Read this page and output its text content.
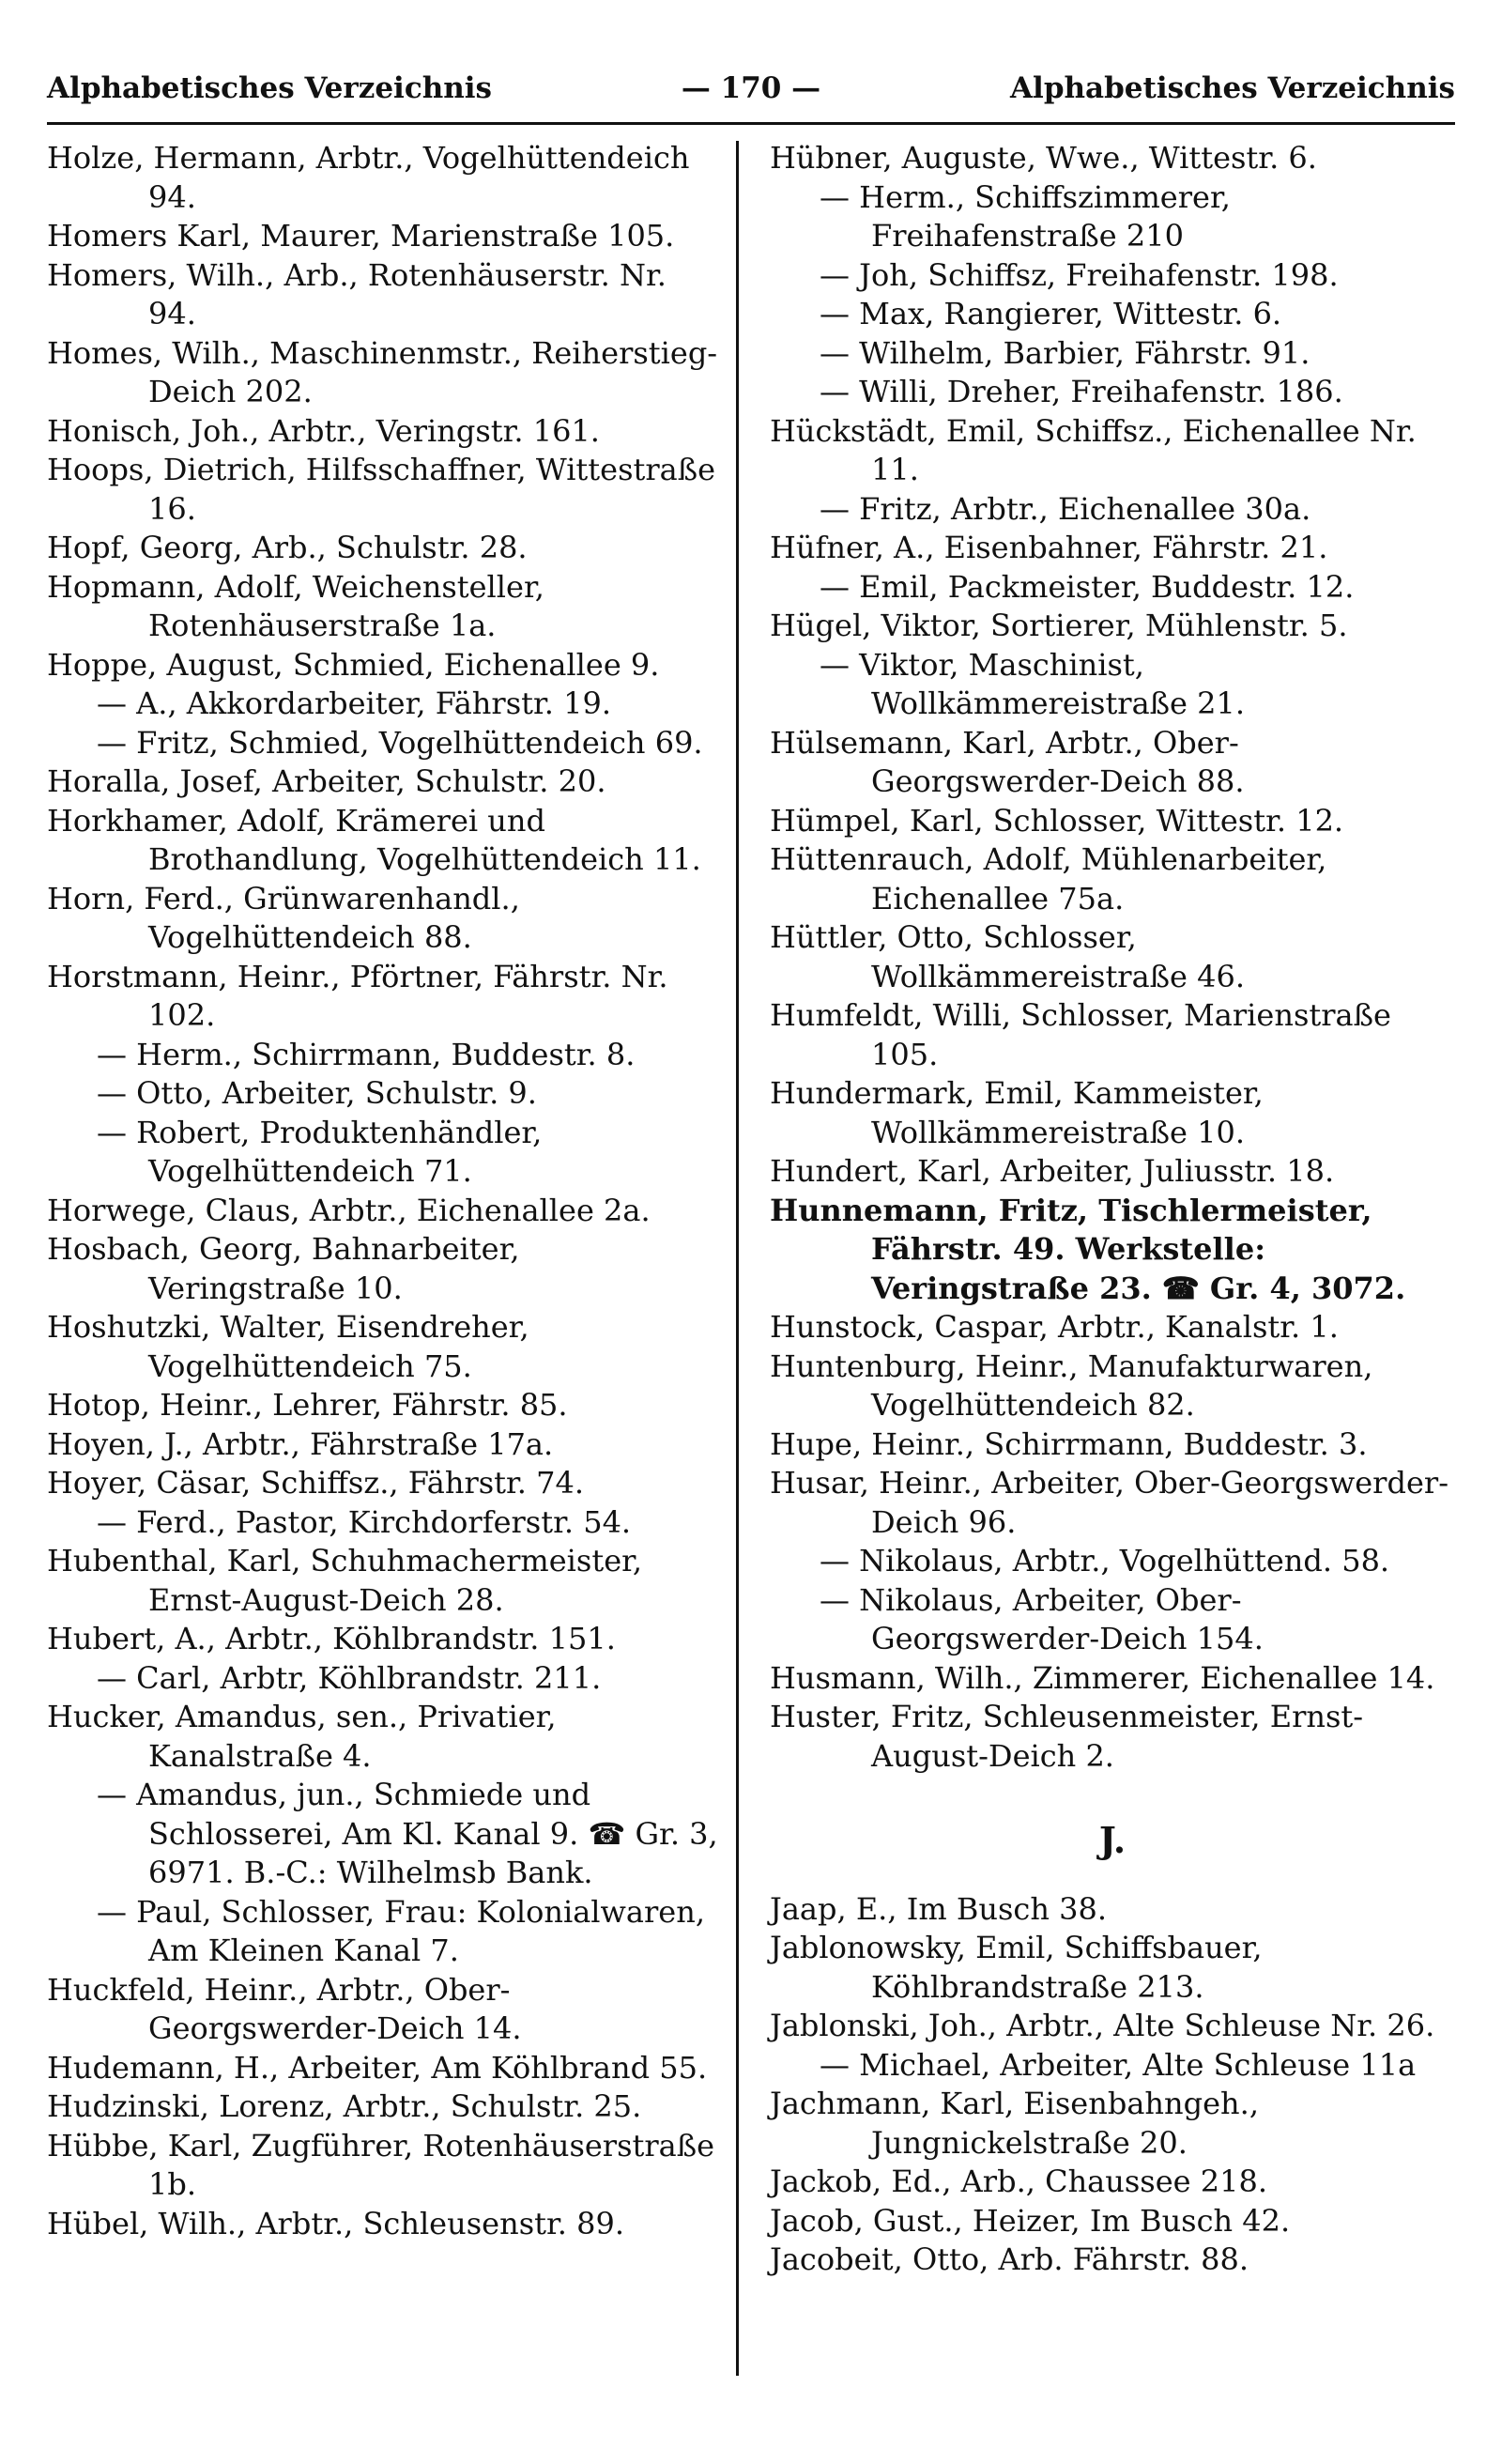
Alphabetisches Verzeichnis	— 170 —	Alphabetisches Verzeichnis
Holze, Hermann, Arbtr., Vogelhüttendeich 94.
Homers Karl, Maurer, Marienstraße 105.
Homers, Wilh., Arb., Rotenhäuserstr. Nr. 94.
Homes, Wilh., Maschinenmstr., Reiherstieg-Deich 202.
Honisch, Joh., Arbtr., Veringstr. 161.
Hoops, Dietrich, Hilfsschaffner, Wittestraße 16.
Hopf, Georg, Arb., Schulstr. 28.
Hopmann, Adolf, Weichensteller, Rotenhäuserstraße 1a.
Hoppe, August, Schmied, Eichenallee 9.
— A., Akkordarbeiter, Fährstr. 19.
— Fritz, Schmied, Vogelhüttendeich 69.
Horalla, Josef, Arbeiter, Schulstr. 20.
Horkhamer, Adolf, Krämerei und Brothandlung, Vogelhüttendeich 11.
Horn, Ferd., Grünwarenhandl., Vogelhüttendeich 88.
Horstmann, Heinr., Pförtner, Fährstr. Nr. 102.
— Herm., Schirrmann, Buddestr. 8.
— Otto, Arbeiter, Schulstr. 9.
— Robert, Produktenhändler, Vogelhüttendeich 71.
Horwege, Claus, Arbtr., Eichenallee 2a.
Hosbach, Georg, Bahnarbeiter, Veringstraße 10.
Hoshutzki, Walter, Eisendreher, Vogelhüttendeich 75.
Hotop, Heinr., Lehrer, Fährstr. 85.
Hoyen, J., Arbtr., Fährstraße 17a.
Hoyer, Cäsar, Schiffsz., Fährstr. 74.
— Ferd., Pastor, Kirchdorferstr. 54.
Hubenthal, Karl, Schuhmachermeister, Ernst-August-Deich 28.
Hubert, A., Arbtr., Köhlbrandstr. 151.
— Carl, Arbtr, Köhlbrandstr. 211.
Hucker, Amandus, sen., Privatier, Kanalstraße 4.
— Amandus, jun., Schmiede und Schlosserei, Am Kl. Kanal 9. ☎ Gr. 3, 6971. B.-C.: Wilhelmsb Bank.
— Paul, Schlosser, Frau: Kolonialwaren, Am Kleinen Kanal 7.
Huckfeld, Heinr., Arbtr., Ober-Georgswerder-Deich 14.
Hudemann, H., Arbeiter, Am Köhlbrand 55.
Hudzinski, Lorenz, Arbtr., Schulstr. 25.
Hübbe, Karl, Zugführer, Rotenhäuserstraße 1b.
Hübel, Wilh., Arbtr., Schleusenstr. 89.
Hübner, Auguste, Wwe., Wittestr. 6.
— Herm., Schiffszimmerer, Freihafenstraße 210
— Joh, Schiffsz, Freihafenstr. 198.
— Max, Rangierer, Wittestr. 6.
— Wilhelm, Barbier, Fährstr. 91.
— Willi, Dreher, Freihafenstr. 186.
Hückstädt, Emil, Schiffsz., Eichenallee Nr. 11.
— Fritz, Arbtr., Eichenallee 30a.
Hüfner, A., Eisenbahner, Fährstr. 21.
— Emil, Packmeister, Buddestr. 12.
Hügel, Viktor, Sortierer, Mühlenstr. 5.
— Viktor, Maschinist, Wollkämmereistraße 21.
Hülsemann, Karl, Arbtr., Ober-Georgswerder-Deich 88.
Hümpel, Karl, Schlosser, Wittestr. 12.
Hüttenrauch, Adolf, Mühlenarbeiter, Eichenallee 75a.
Hüttler, Otto, Schlosser, Wollkämmereistraße 46.
Humfeldt, Willi, Schlosser, Marienstraße 105.
Hundermark, Emil, Kammeister, Wollkämmereistraße 10.
Hundert, Karl, Arbeiter, Juliusstr. 18.
Hunnemann, Fritz, Tischlermeister, Fährstr. 49. Werkstelle: Veringstraße 23. ☎ Gr. 4, 3072.
Hunstock, Caspar, Arbtr., Kanalstr. 1.
Huntenburg, Heinr., Manufakturwaren, Vogelhüttendeich 82.
Hupe, Heinr., Schirrmann, Buddestr. 3.
Husar, Heinr., Arbeiter, Ober-Georgswerder-Deich 96.
— Nikolaus, Arbtr., Vogelhüttend. 58.
— Nikolaus, Arbeiter, Ober-Georgswerder-Deich 154.
Husmann, Wilh., Zimmerer, Eichenallee 14.
Huster, Fritz, Schleusenmeister, Ernst-August-Deich 2.
J.
Jaap, E., Im Busch 38.
Jablonowsky, Emil, Schiffsbauer, Köhlbrandstraße 213.
Jablonski, Joh., Arbtr., Alte Schleuse Nr. 26.
— Michael, Arbeiter, Alte Schleuse 11a
Jachmann, Karl, Eisenbahngeh., Jungnickelstraße 20.
Jackob, Ed., Arb., Chaussee 218.
Jacob, Gust., Heizer, Im Busch 42.
Jacobeit, Otto, Arb. Fährstr. 88.
